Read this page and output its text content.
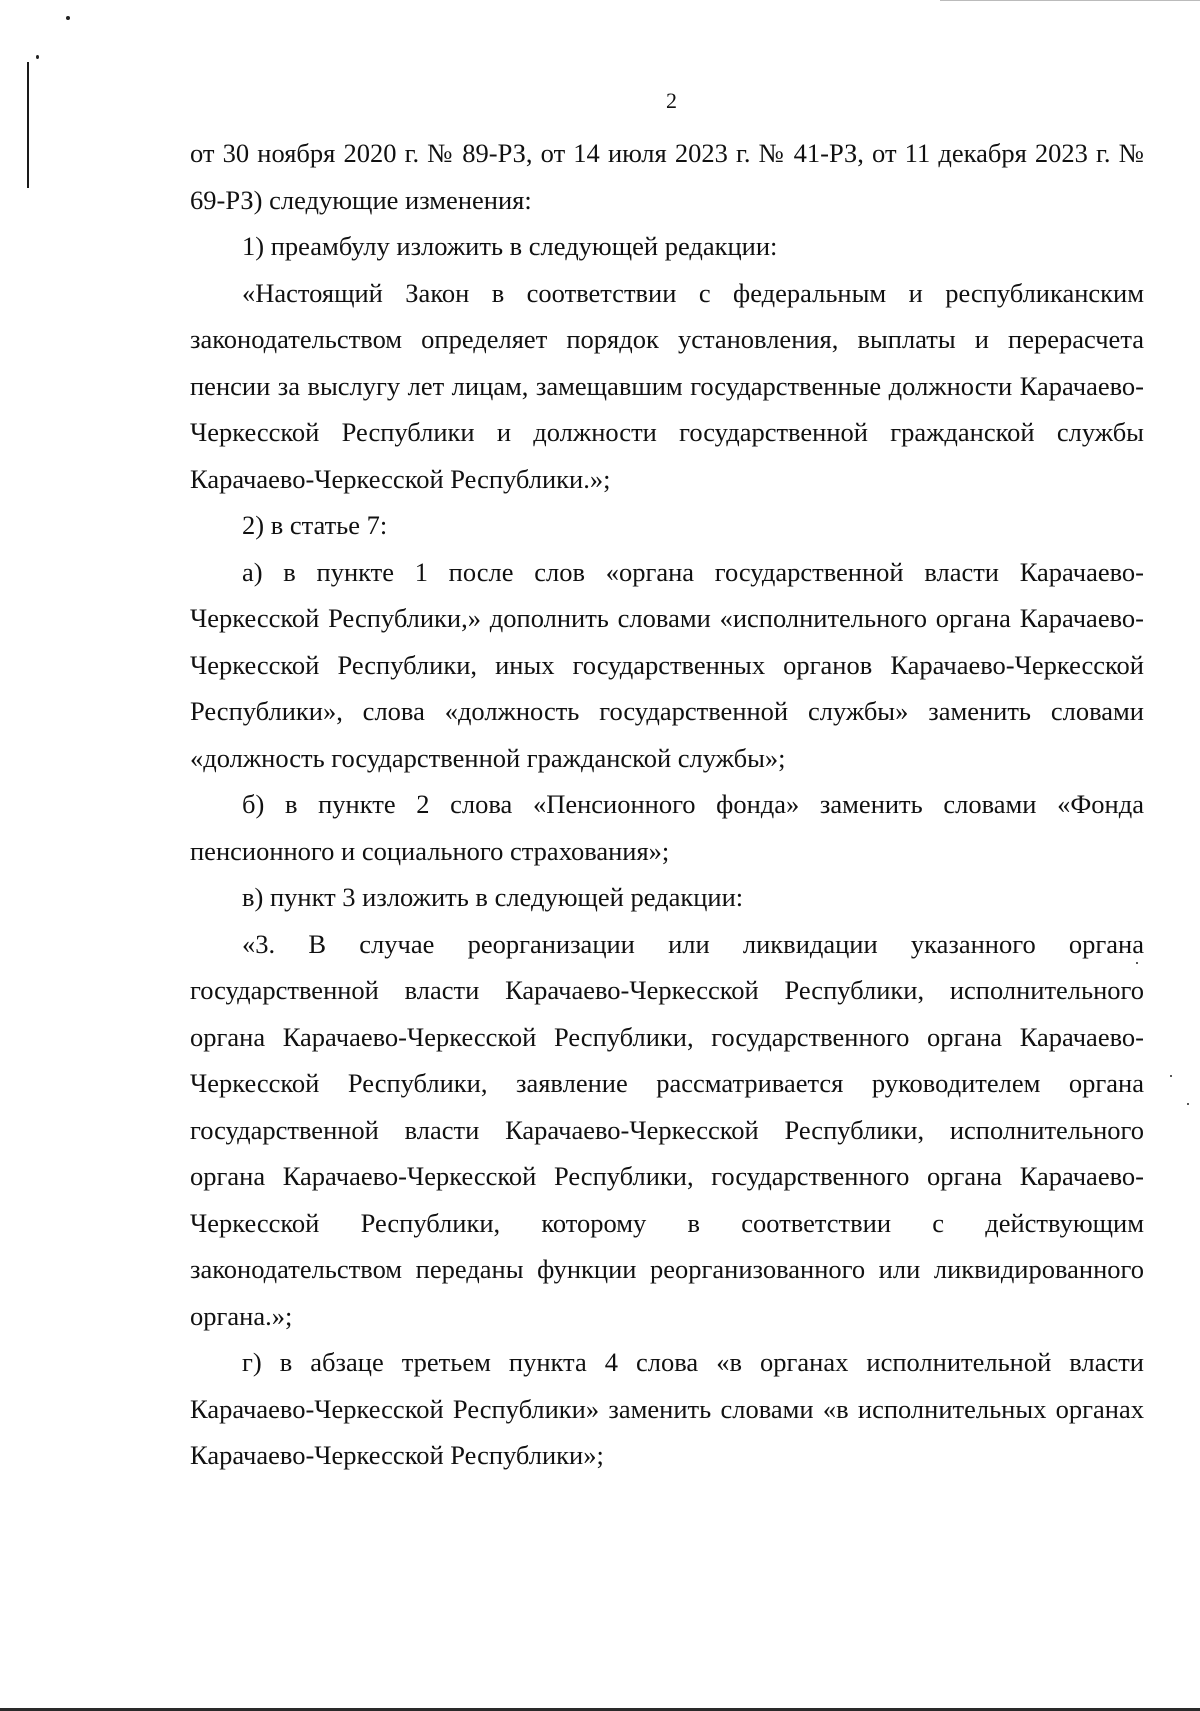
2

от 30 ноября 2020 г. № 89-РЗ, от 14 июля 2023 г. № 41-РЗ, от 11 декабря 2023 г. № 69-РЗ) следующие изменения:

1) преамбулу изложить в следующей редакции:

«Настоящий Закон в соответствии с федеральным и республиканским законодательством определяет порядок установления, выплаты и перерасчета пенсии за выслугу лет лицам, замещавшим государственные должности Карачаево-Черкесской Республики и должности государственной гражданской службы Карачаево-Черкесской Республики.»;

2) в статье 7:

а) в пункте 1 после слов «органа государственной власти Карачаево-Черкесской Республики,» дополнить словами «исполнительного органа Карачаево-Черкесской Республики, иных государственных органов Карачаево-Черкесской Республики», слова «должность государственной службы» заменить словами «должность государственной гражданской службы»;

б) в пункте 2 слова «Пенсионного фонда» заменить словами «Фонда пенсионного и социального страхования»;

в) пункт 3 изложить в следующей редакции:

«3. В случае реорганизации или ликвидации указанного органа государственной власти Карачаево-Черкесской Республики, исполнительного органа Карачаево-Черкесской Республики, государственного органа Карачаево-Черкесской Республики, заявление рассматривается руководителем органа государственной власти Карачаево-Черкесской Республики, исполнительного органа Карачаево-Черкесской Республики, государственного органа Карачаево-Черкесской Республики, которому в соответствии с действующим законодательством переданы функции реорганизованного или ликвидированного органа.»;

г) в абзаце третьем пункта 4 слова «в органах исполнительной власти Карачаево-Черкесской Республики» заменить словами «в исполнительных органах Карачаево-Черкесской Республики»;
